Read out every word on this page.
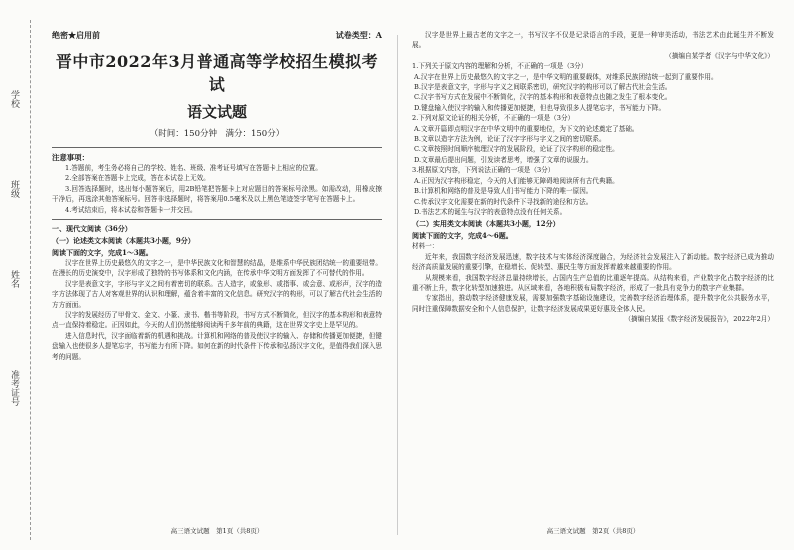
学校
班级
姓名
准考证号
绝密★启用前	试卷类型：A
晋中市2022年3月普通高等学校招生模拟考试
语文试题
（时间：150分钟　满分：150分）
注意事项：

1.答题前，考生务必将自己的学校、姓名、班级、准考证号填写在答题卡上相应的位置。

2.全部答案在答题卡上完成，答在本试卷上无效。

3.回答选择题时，选出每小题答案后，用2B铅笔把答题卡上对应题目的答案标号涂黑。如需改动，用橡皮擦干净后，再选涂其他答案标号。回答非选择题时，将答案用0.5毫米及以上黑色笔迹签字笔写在答题卡上。

4.考试结束后，将本试卷和答题卡一并交回。

一、现代文阅读（36分）
（一）论述类文本阅读（本题共3小题，9分）
阅读下面的文字，完成1～3题。

汉字在世界上历史最悠久的文字之一，是中华民族文化和智慧的结晶，是维系中华民族团结统一的重要纽带。在漫长的历史演变中，汉字形成了独特的书写体系和文化内涵，在传承中华文明方面发挥了不可替代的作用。

汉字是表意文字，字形与字义之间有着密切的联系。古人造字，或象形、或指事、或会意、或形声，汉字的造字方法体现了古人对客观世界的认识和理解，蕴含着丰富的文化信息。研究汉字的构形，可以了解古代社会生活的方方面面。

汉字的发展经历了甲骨文、金文、小篆、隶书、楷书等阶段，书写方式不断简化，但汉字的基本构形和表意特点一直保持着稳定。正因如此，今天的人们仍然能够阅读两千多年前的典籍，这在世界文字史上是罕见的。

进入信息时代，汉字面临着新的机遇和挑战。计算机和网络的普及使汉字的输入、存储和传播更加便捷，但键盘输入也使很多人提笔忘字，书写能力有所下降。如何在新的时代条件下传承和弘扬汉字文化，是值得我们深入思考的问题。

高三语文试题　第1页（共8页）

汉字是世界上最古老的文字之一，书写汉字不仅是记录语言的手段，更是一种审美活动，书法艺术由此诞生并不断发展。

（摘编自某学者《汉字与中华文化》）

1.下列关于原文内容的理解和分析，不正确的一项是（3分）

A.汉字在世界上历史最悠久的文字之一，是中华文明的重要载体，对维系民族团结统一起到了重要作用。

B.汉字是表意文字，字形与字义之间联系密切，研究汉字的构形可以了解古代社会生活。

C.汉字书写方式在发展中不断简化，汉字的基本构形和表意特点也随之发生了根本变化。

D.键盘输入使汉字的输入和传播更加便捷，但也导致很多人提笔忘字，书写能力下降。

2.下列对原文论证的相关分析，不正确的一项是（3分）

A.文章开篇即点明汉字在中华文明中的重要地位，为下文的论述奠定了基础。

B.文章以造字方法为例，论证了汉字字形与字义之间的密切联系。

C.文章按照时间顺序梳理汉字的发展阶段，论证了汉字构形的稳定性。

D.文章最后提出问题，引发读者思考，增强了文章的说服力。

3.根据原文内容，下列说法正确的一项是（3分）

A.正因为汉字构形稳定，今天的人们能够无障碍地阅读所有古代典籍。

B.计算机和网络的普及是导致人们书写能力下降的唯一原因。

C.传承汉字文化需要在新的时代条件下寻找新的途径和方法。

D.书法艺术的诞生与汉字的表意特点没有任何关系。

（二）实用类文本阅读（本题共3小题，12分）
阅读下面的文字，完成4～6题。

材料一：

近年来，我国数字经济发展迅速，数字技术与实体经济深度融合，为经济社会发展注入了新动能。数字经济已成为推动经济高质量发展的重要引擎，在稳增长、促转型、惠民生等方面发挥着越来越重要的作用。

从规模来看，我国数字经济总量持续增长，占国内生产总值的比重逐年提高。从结构来看，产业数字化占数字经济的比重不断上升，数字化转型加速推进。从区域来看，各地积极布局数字经济，形成了一批具有竞争力的数字产业集群。

专家指出，推动数字经济健康发展，需要加强数字基础设施建设，完善数字经济治理体系，提升数字化公共服务水平，同时注重保障数据安全和个人信息保护，让数字经济发展成果更好惠及全体人民。

（摘编自某报《数字经济发展报告》，2022年2月）

高三语文试题　第2页（共8页）
